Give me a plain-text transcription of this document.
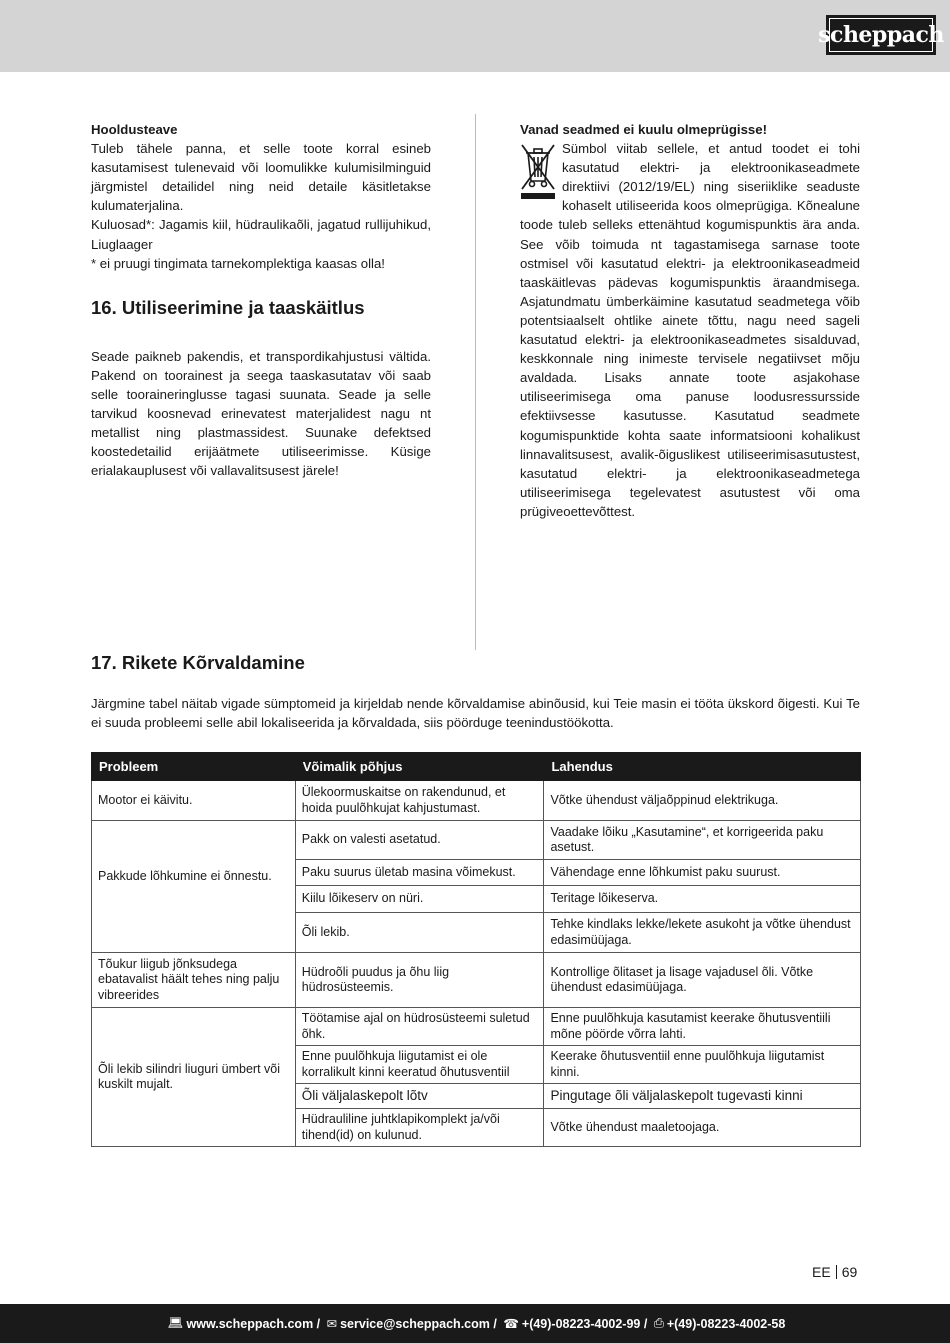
scheppach

Hooldusteave

Tuleb tähele panna, et selle toote korral esineb kasutamisest tulenevaid või loomulikke kulumisilminguid järgmistel detailidel ning neid detaile käsitletakse kulumaterjalina.

Kuluosad*: Jagamis kiil, hüdraulikaõli, jagatud rullijuhikud, Liuglaager

* ei pruugi tingimata tarnekomplektiga kaasas olla!

16. Utiliseerimine ja taaskäitlus

Seade paikneb pakendis, et transpordikahjustusi vältida. Pakend on toorainest ja seega taaskasutatav või saab selle tooraineringlusse tagasi suunata. Seade ja selle tarvikud koosnevad erinevatest materjalidest nagu nt metallist ning plastmassidest. Suunake defektsed koostedetailid erijäätmete utiliseerimisse. Küsige erialakauplusest või vallavalitsusest järele!

Vanad seadmed ei kuulu olmeprügisse!

Sümbol viitab sellele, et antud toodet ei tohi kasutatud elektri- ja elektroonikaseadmete direktiivi (2012/19/EL) ning siseriiklike seaduste kohaselt utiliseerida koos olmeprügiga. Kõnealune toode tuleb selleks ettenähtud kogumispunktis ära anda. See võib toimuda nt tagastamisega sarnase toote ostmisel või kasutatud elektri- ja elektroonikaseadmeid taaskäitlevas pädevas kogumispunktis äraandmisega. Asjatundmatu ümberkäimine kasutatud seadmetega võib potentsiaalselt ohtlike ainete tõttu, nagu need sageli kasutatud elektri- ja elektroonikaseadmetes sisalduvad, keskkonnale ning inimeste tervisele negatiivset mõju avaldada. Lisaks annate toote asjakohase utiliseerimisega oma panuse loodusressursside efektiivsesse kasutusse. Kasutatud seadmete kogumispunktide kohta saate informatsiooni kohalikust linnavalitsusest, avalik-õiguslikest utiliseerimisasutustest, kasutatud elektri- ja elektroonikaseadmetega utiliseerimisega tegelevatest asutustest või oma prügiveoettevõttest.

17. Rikete Kõrvaldamine

Järgmine tabel näitab vigade sümptomeid ja kirjeldab nende kõrvaldamise abinõusid, kui Teie masin ei tööta ükskord õigesti. Kui Te ei suuda probleemi selle abil lokaliseerida ja kõrvaldada, siis pöörduge teenindustöökotta.

Probleem	Võimalik põhjus	Lahendus
Mootor ei käivitu.	Ülekoormuskaitse on rakendunud, et hoida puulõhkujat kahjustumast.	Võtke ühendust väljaõppinud elektrikuga.
Pakkude lõhkumine ei õnnestu.	Pakk on valesti asetatud.	Vaadake lõiku „Kasutamine“, et korrigeerida paku asetust.
	Paku suurus ületab masina võimekust.	Vähendage enne lõhkumist paku suurust.
	Kiilu lõikeserv on nüri.	Teritage lõikeserva.
	Õli lekib.	Tehke kindlaks lekke/lekete asukoht ja võtke ühendust edasimüüjaga.
Tõukur liigub jõnksudega ebatavalist häält tehes ning palju vibreerides	Hüdroõli puudus ja õhu liig hüdrosüsteemis.	Kontrollige õlitaset ja lisage vajadusel õli. Võtke ühendust edasimüüjaga.
Õli lekib silindri liuguri ümbert või kuskilt mujalt.	Töötamise ajal on hüdrosüsteemi suletud õhk.	Enne puulõhkuja kasutamist keerake õhutusventiili mõne pöörde võrra lahti.
	Enne puulõhkuja liigutamist ei ole korralikult kinni keeratud õhutusventiil	Keerake õhutusventiil enne puulõhkuja liigutamist kinni.
	Õli väljalaskepolt lõtv	Pingutage õli väljalaskepolt tugevasti kinni
	Hüdrauliline juhtklapikomplekt ja/või tihend(id) on kulunud.	Võtke ühendust maaletoojaga.
EE 69
💻︎ www.scheppach.com /
✉ service@scheppach.com /
☎ +(49)-08223-4002-99 /
⎙ +(49)-08223-4002-58
